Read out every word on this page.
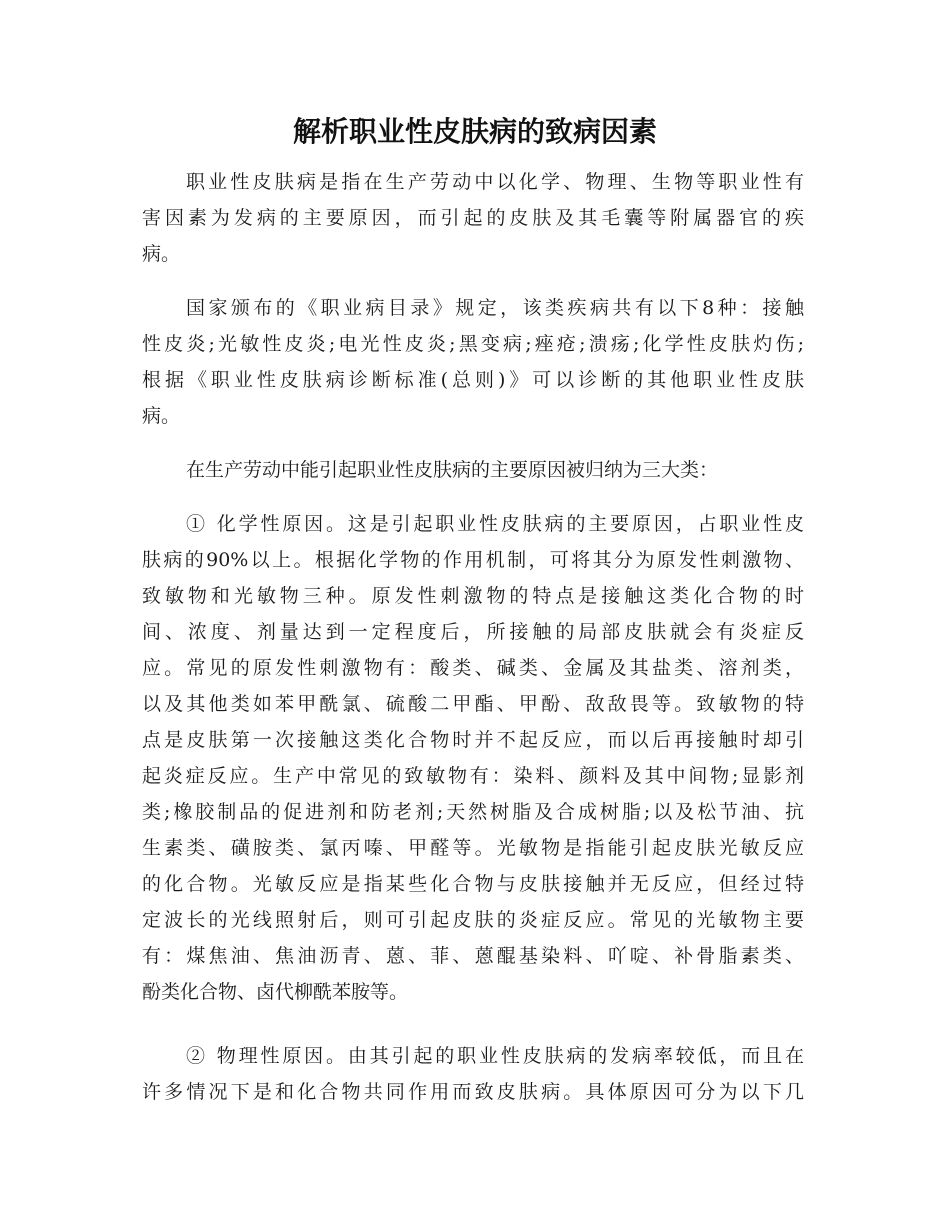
解析职业性皮肤病的致病因素
职业性皮肤病是指在生产劳动中以化学、物理、生物等职业性有
害因素为发病的主要原因，而引起的皮肤及其毛囊等附属器官的疾
病。
国家颁布的《职业病目录》规定，该类疾病共有以下8种：接触
性皮炎;光敏性皮炎;电光性皮炎;黑变病;痤疮;溃疡;化学性皮肤灼伤;
根据《职业性皮肤病诊断标准(总则)》可以诊断的其他职业性皮肤
病。
在生产劳动中能引起职业性皮肤病的主要原因被归纳为三大类：
① 化学性原因。这是引起职业性皮肤病的主要原因，占职业性皮
肤病的90%以上。根据化学物的作用机制，可将其分为原发性刺激物、
致敏物和光敏物三种。原发性刺激物的特点是接触这类化合物的时
间、浓度、剂量达到一定程度后，所接触的局部皮肤就会有炎症反
应。常见的原发性刺激物有：酸类、碱类、金属及其盐类、溶剂类，
以及其他类如苯甲酰氯、硫酸二甲酯、甲酚、敌敌畏等。致敏物的特
点是皮肤第一次接触这类化合物时并不起反应，而以后再接触时却引
起炎症反应。生产中常见的致敏物有：染料、颜料及其中间物;显影剂
类;橡胶制品的促进剂和防老剂;天然树脂及合成树脂;以及松节油、抗
生素类、磺胺类、氯丙嗪、甲醛等。光敏物是指能引起皮肤光敏反应
的化合物。光敏反应是指某些化合物与皮肤接触并无反应，但经过特
定波长的光线照射后，则可引起皮肤的炎症反应。常见的光敏物主要
有：煤焦油、焦油沥青、蒽、菲、蒽醌基染料、吖啶、补骨脂素类、
酚类化合物、卤代柳酰苯胺等。
② 物理性原因。由其引起的职业性皮肤病的发病率较低，而且在
许多情况下是和化合物共同作用而致皮肤病。具体原因可分为以下几
